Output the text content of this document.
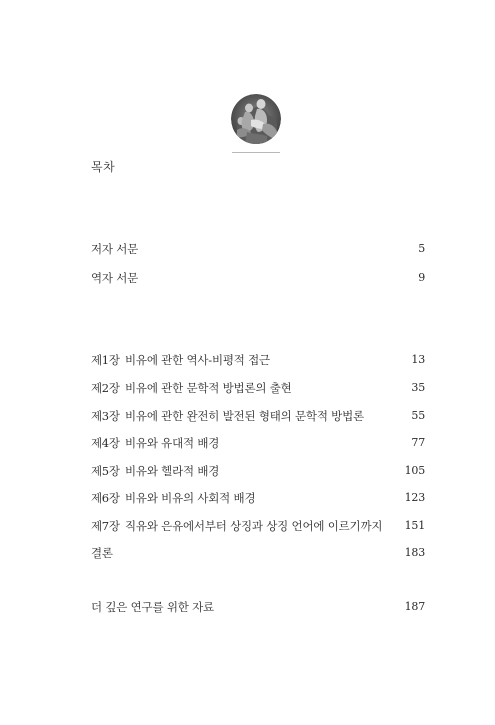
목차
저자 서문	5
역자 서문	9
제1장 비유에 관한 역사-비평적 접근	13
제2장 비유에 관한 문학적 방법론의 출현	35
제3장 비유에 관한 완전히 발전된 형태의 문학적 방법론	55
제4장 비유와 유대적 배경	77
제5장 비유와 헬라적 배경	105
제6장 비유와 비유의 사회적 배경	123
제7장 직유와 은유에서부터 상징과 상징 언어에 이르기까지 151
결론	183
더 깊은 연구를 위한 자료	187
